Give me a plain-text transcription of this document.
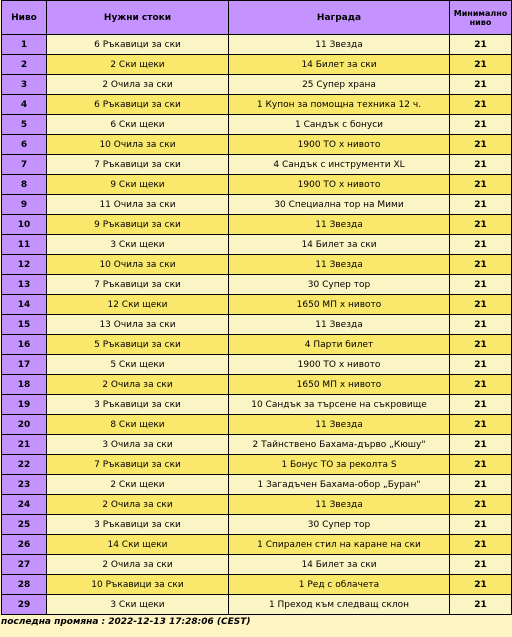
Ниво	Нужни стоки	Награда	Минимално ниво
1	6 Ръкавици за ски	11 Звезда	21
2	2 Ски щеки	14 Билет за ски	21
3	2 Очила за ски	25 Супер храна	21
4	6 Ръкавици за ски	1 Купон за помощна техника 12 ч.	21
5	6 Ски щеки	1 Сандък с бонуси	21
6	10 Очила за ски	1900 ТО х нивото	21
7	7 Ръкавици за ски	4 Сандък с инструменти XL	21
8	9 Ски щеки	1900 ТО х нивото	21
9	11 Очила за ски	30 Специална тор на Мими	21
10	9 Ръкавици за ски	11 Звезда	21
11	3 Ски щеки	14 Билет за ски	21
12	10 Очила за ски	11 Звезда	21
13	7 Ръкавици за ски	30 Супер тор	21
14	12 Ски щеки	1650 МП х нивото	21
15	13 Очила за ски	11 Звезда	21
16	5 Ръкавици за ски	4 Парти билет	21
17	5 Ски щеки	1900 ТО х нивото	21
18	2 Очила за ски	1650 МП х нивото	21
19	3 Ръкавици за ски	10 Сандък за търсене на съкровище	21
20	8 Ски щеки	11 Звезда	21
21	3 Очила за ски	2 Тайнствено Бахама-дърво „Кюшу"	21
22	7 Ръкавици за ски	1 Бонус ТО за реколта S	21
23	2 Ски щеки	1 Загадъчен Бахама-обор „Буран"	21
24	2 Очила за ски	11 Звезда	21
25	3 Ръкавици за ски	30 Супер тор	21
26	14 Ски щеки	1 Спирален стил на каране на ски	21
27	2 Очила за ски	14 Билет за ски	21
28	10 Ръкавици за ски	1 Ред с облачета	21
29	3 Ски щеки	1 Преход към следващ склон	21
последна промяна : 2022-12-13 17:28:06 (CEST)
